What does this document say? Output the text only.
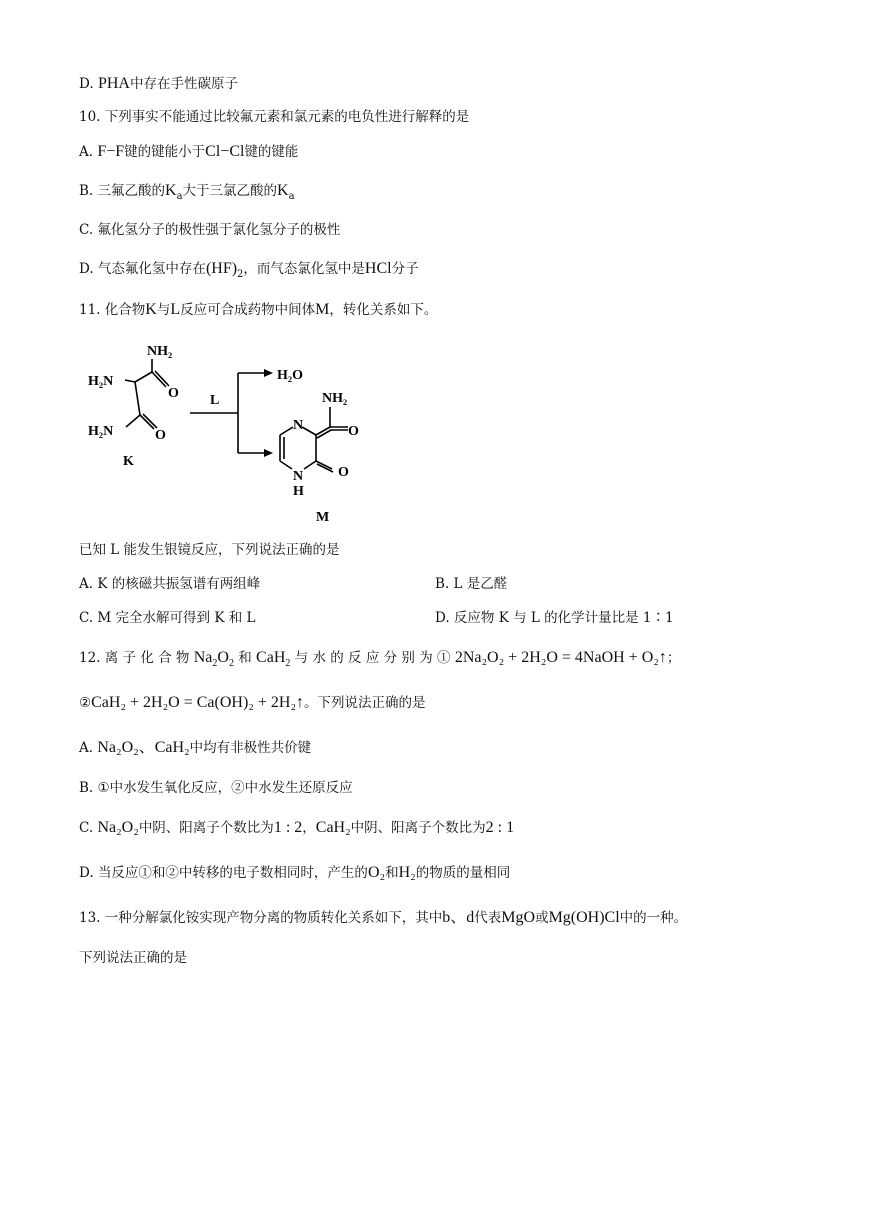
D. PHA中存在手性碳原子
10. 下列事实不能通过比较氟元素和氯元素的电负性进行解释的是
A. F−F键的键能小于Cl−Cl键的键能
B. 三氟乙酸的$K_a$大于三氯乙酸的$K_a$
C. 氟化氢分子的极性强于氯化氢分子的极性
D. 气态氟化氢中存在$(HF)_2$，而气态氯化氢中是HCl分子
11. 化合物K与L反应可合成药物中间体M，转化关系如下。
NH₂
H₂N
O
H₂N	O
K
L
H₂O
N
N
H
O
O
NH₂
M
已知 L 能发生银镜反应，下列说法正确的是
A. K 的核磁共振氢谱有两组峰	B. L 是乙醛
C. M 完全水解可得到 K 和 L	D. 反应物 K 与 L 的化学计量比是 1∶1
12. 离 子 化 合 物 $Na_2O_2$ 和 CaH$_2$ 与 水 的 反 应 分 别 为 ① 2Na₂O₂ + 2H₂O = 4NaOH + O₂↑；
②CaH₂ + 2H₂O = Ca(OH)₂ + 2H₂↑。下列说法正确的是
A. Na₂O₂、CaH₂中均有非极性共价键
B. ①中水发生氧化反应，②中水发生还原反应
C. Na₂O₂中阴、阳离子个数比为1 : 2，CaH₂中阴、阳离子个数比为2 : 1
D. 当反应①和②中转移的电子数相同时，产生的O₂和H₂的物质的量相同
13. 一种分解氯化铵实现产物分离的物质转化关系如下，其中b、d代表MgO或Mg(OH)Cl中的一种。
下列说法正确的是
